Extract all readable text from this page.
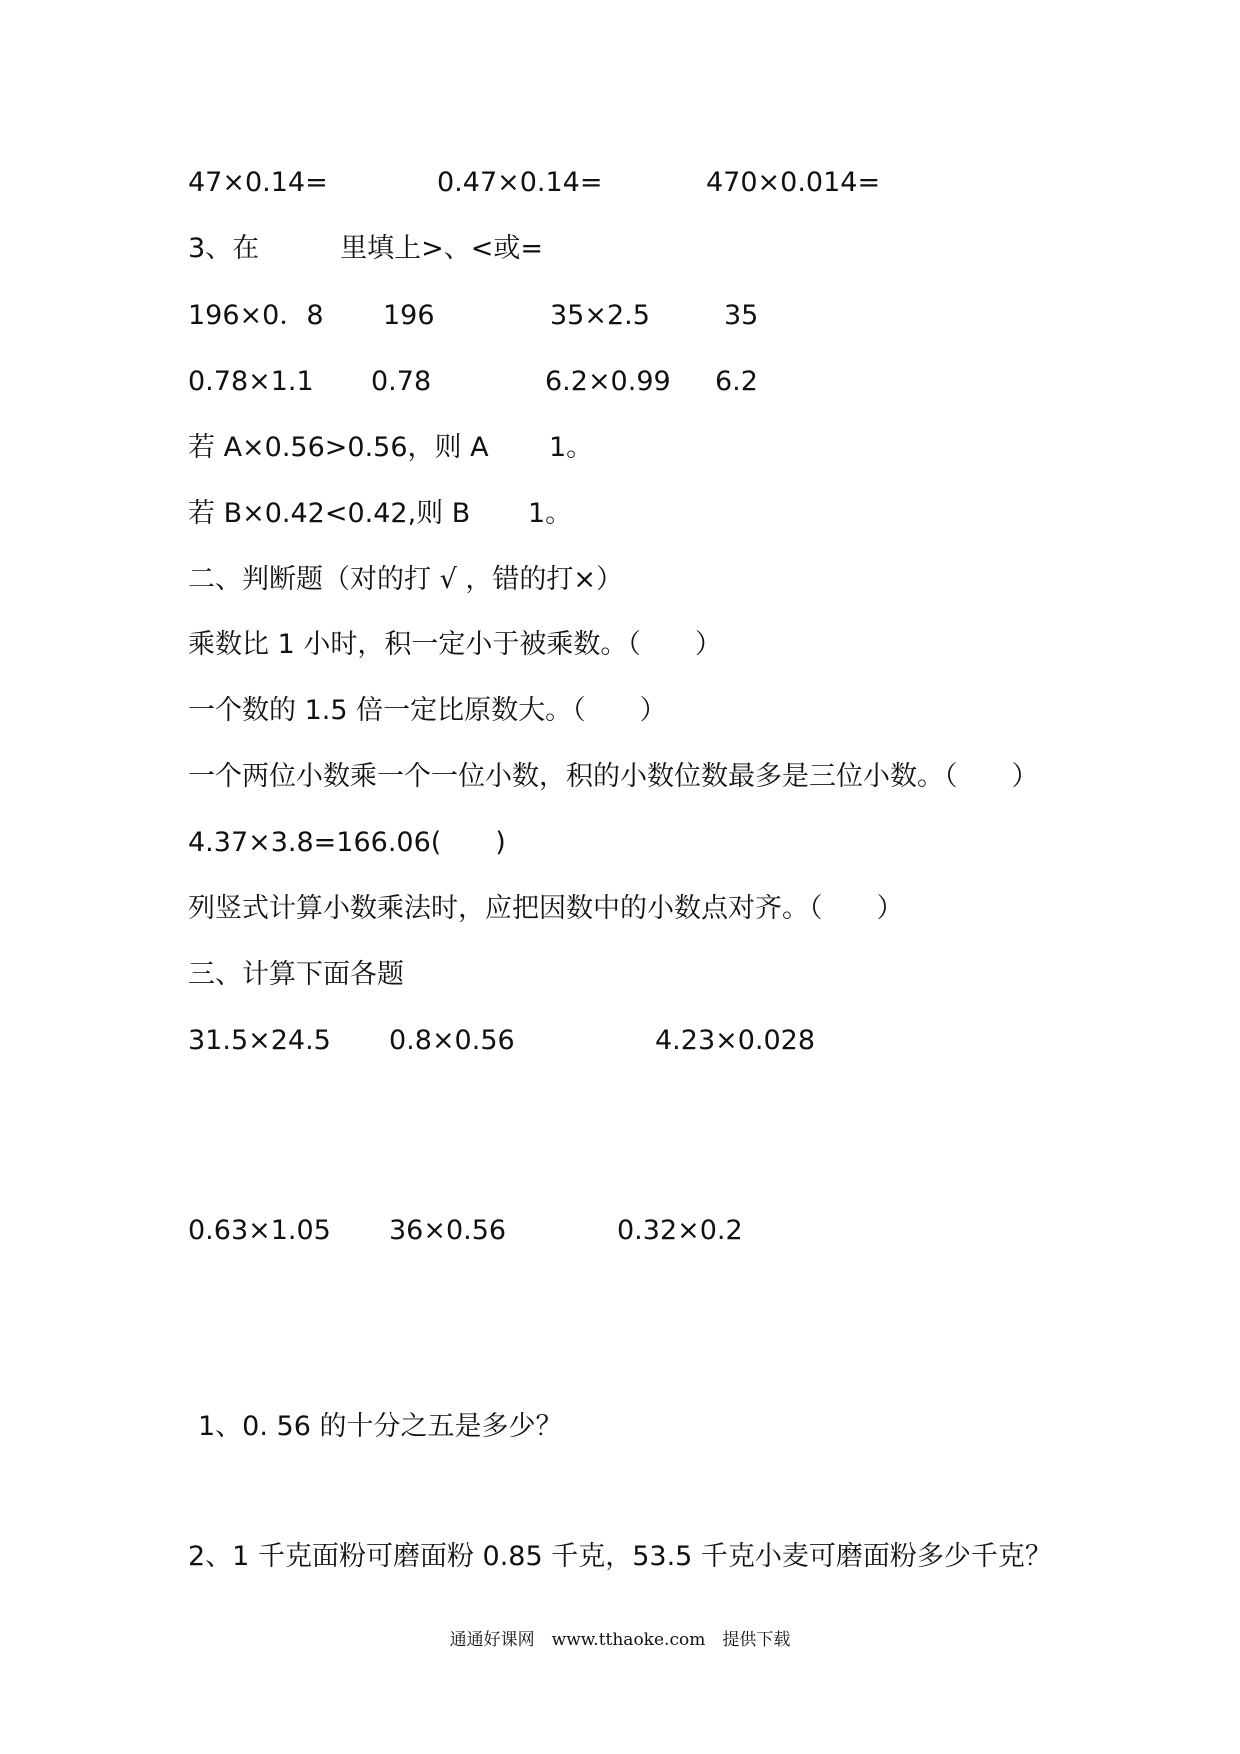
47×0.14=	0.47×0.14=	470×0.014=
3、在　　　里填上>、<或=
196×0．8 196	35×2.5	35
0.78×1.1 0.78	6.2×0.99 6.2
若 A×0.56>0.56，则 A 1。
若 B×0.42<0.42,则 B 1。
二、判断题（对的打 √ ，错的打×）
乘数比 1 小时，积一定小于被乘数。（　　）
一个数的 1.5 倍一定比原数大。（　　）
一个两位小数乘一个一位小数，积的小数位数最多是三位小数。（　　）
4.37×3.8=166.06(　　)
列竖式计算小数乘法时，应把因数中的小数点对齐。（　　）
三、计算下面各题
31.5×24.5 0.8×0.56	4.23×0.028
0.63×1.05 36×0.56	0.32×0.2
1、0. 56 的十分之五是多少？
2、1 千克面粉可磨面粉 0.85 千克，53.5 千克小麦可磨面粉多少千克？
通通好课网　www.tthaoke.com　提供下载
